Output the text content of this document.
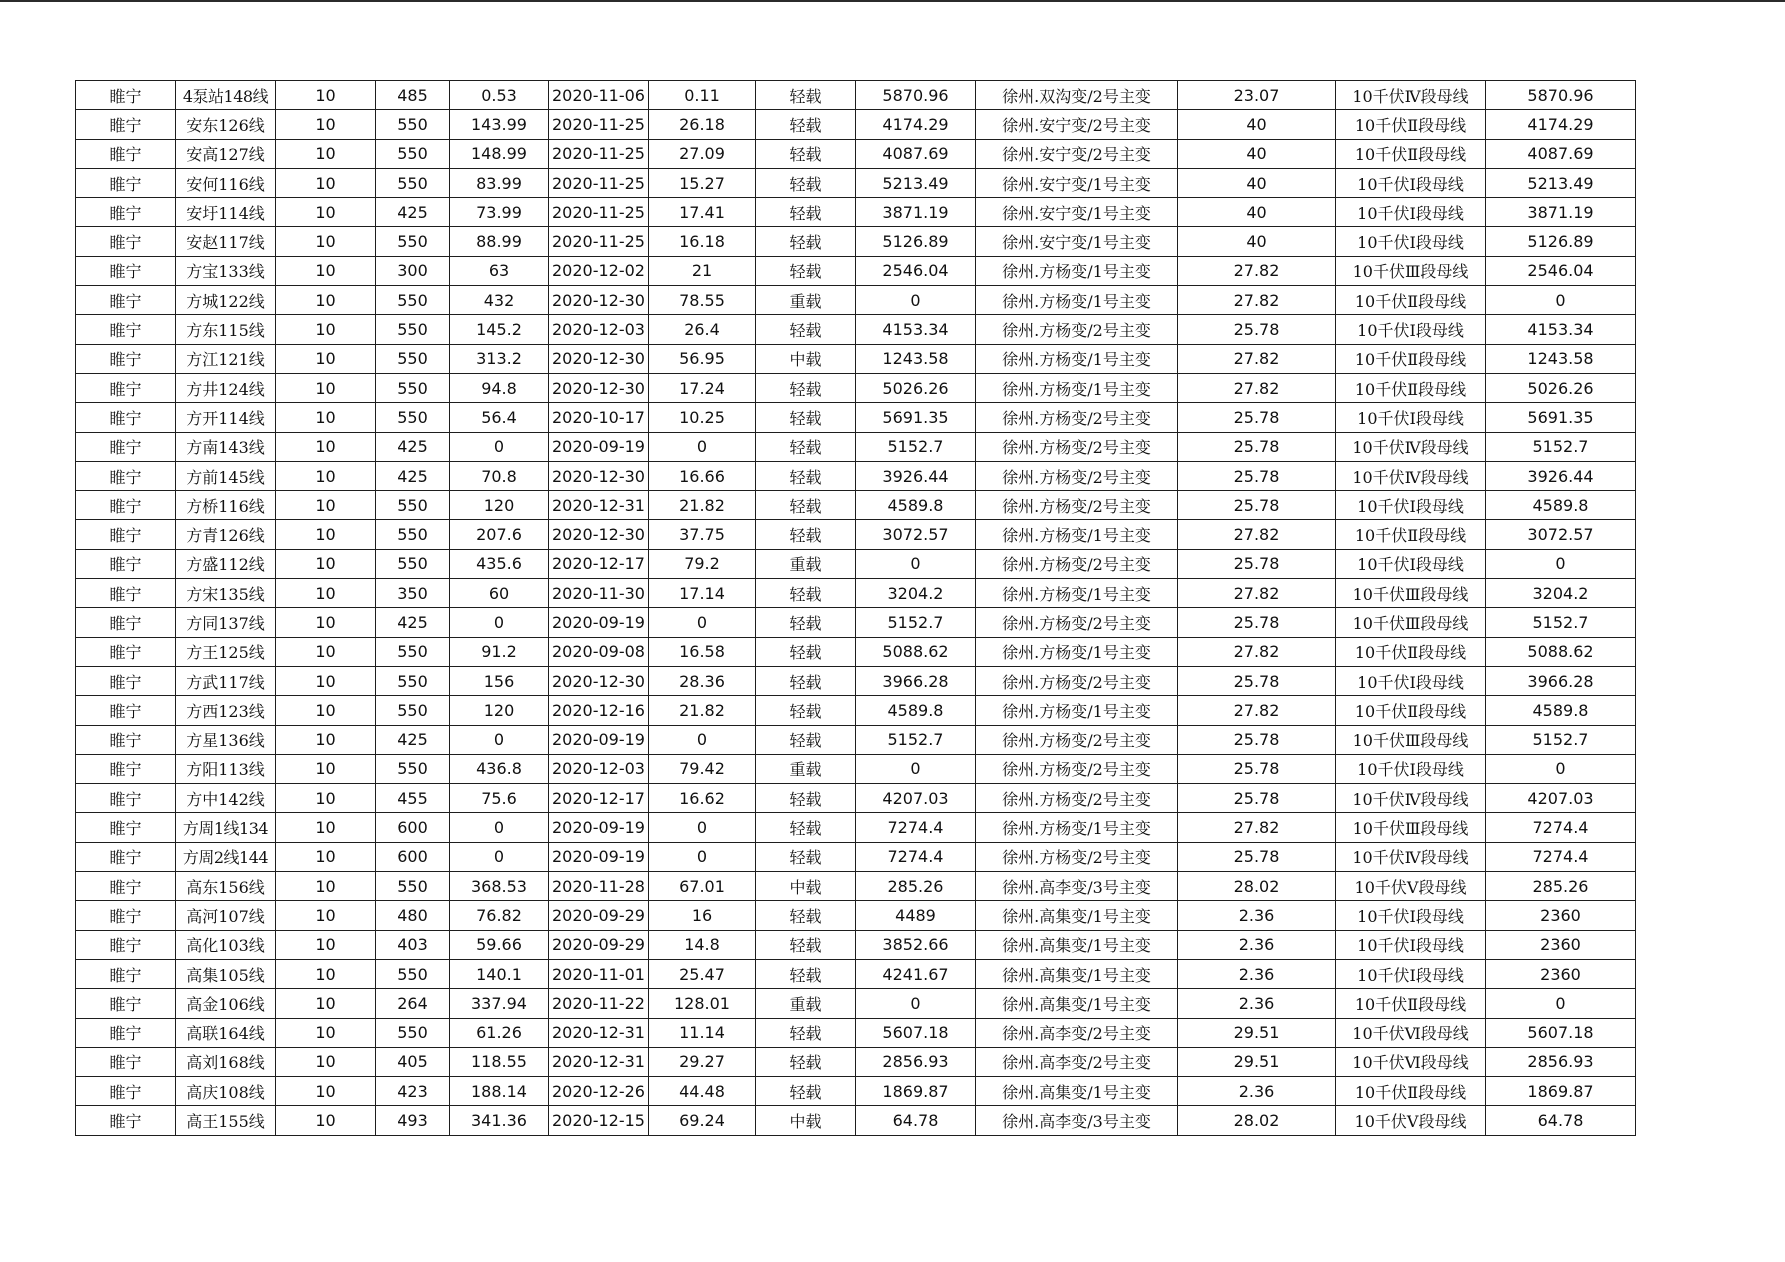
睢宁	4泵站148线	10	485	0.53	2020-11-06	0.11	轻载	5870.96	徐州.双沟变/2号主变	23.07	10千伏Ⅳ段母线	5870.96
睢宁	安东126线	10	550	143.99	2020-11-25	26.18	轻载	4174.29	徐州.安宁变/2号主变	40	10千伏Ⅱ段母线	4174.29
睢宁	安高127线	10	550	148.99	2020-11-25	27.09	轻载	4087.69	徐州.安宁变/2号主变	40	10千伏Ⅱ段母线	4087.69
睢宁	安何116线	10	550	83.99	2020-11-25	15.27	轻载	5213.49	徐州.安宁变/1号主变	40	10千伏Ⅰ段母线	5213.49
睢宁	安圩114线	10	425	73.99	2020-11-25	17.41	轻载	3871.19	徐州.安宁变/1号主变	40	10千伏Ⅰ段母线	3871.19
睢宁	安赵117线	10	550	88.99	2020-11-25	16.18	轻载	5126.89	徐州.安宁变/1号主变	40	10千伏Ⅰ段母线	5126.89
睢宁	方宝133线	10	300	63	2020-12-02	21	轻载	2546.04	徐州.方杨变/1号主变	27.82	10千伏Ⅲ段母线	2546.04
睢宁	方城122线	10	550	432	2020-12-30	78.55	重载	0	徐州.方杨变/1号主变	27.82	10千伏Ⅱ段母线	0
睢宁	方东115线	10	550	145.2	2020-12-03	26.4	轻载	4153.34	徐州.方杨变/2号主变	25.78	10千伏Ⅰ段母线	4153.34
睢宁	方江121线	10	550	313.2	2020-12-30	56.95	中载	1243.58	徐州.方杨变/1号主变	27.82	10千伏Ⅱ段母线	1243.58
睢宁	方井124线	10	550	94.8	2020-12-30	17.24	轻载	5026.26	徐州.方杨变/1号主变	27.82	10千伏Ⅱ段母线	5026.26
睢宁	方开114线	10	550	56.4	2020-10-17	10.25	轻载	5691.35	徐州.方杨变/2号主变	25.78	10千伏Ⅰ段母线	5691.35
睢宁	方南143线	10	425	0	2020-09-19	0	轻载	5152.7	徐州.方杨变/2号主变	25.78	10千伏Ⅳ段母线	5152.7
睢宁	方前145线	10	425	70.8	2020-12-30	16.66	轻载	3926.44	徐州.方杨变/2号主变	25.78	10千伏Ⅳ段母线	3926.44
睢宁	方桥116线	10	550	120	2020-12-31	21.82	轻载	4589.8	徐州.方杨变/2号主变	25.78	10千伏Ⅰ段母线	4589.8
睢宁	方青126线	10	550	207.6	2020-12-30	37.75	轻载	3072.57	徐州.方杨变/1号主变	27.82	10千伏Ⅱ段母线	3072.57
睢宁	方盛112线	10	550	435.6	2020-12-17	79.2	重载	0	徐州.方杨变/2号主变	25.78	10千伏Ⅰ段母线	0
睢宁	方宋135线	10	350	60	2020-11-30	17.14	轻载	3204.2	徐州.方杨变/1号主变	27.82	10千伏Ⅲ段母线	3204.2
睢宁	方同137线	10	425	0	2020-09-19	0	轻载	5152.7	徐州.方杨变/2号主变	25.78	10千伏Ⅲ段母线	5152.7
睢宁	方王125线	10	550	91.2	2020-09-08	16.58	轻载	5088.62	徐州.方杨变/1号主变	27.82	10千伏Ⅱ段母线	5088.62
睢宁	方武117线	10	550	156	2020-12-30	28.36	轻载	3966.28	徐州.方杨变/2号主变	25.78	10千伏Ⅰ段母线	3966.28
睢宁	方西123线	10	550	120	2020-12-16	21.82	轻载	4589.8	徐州.方杨变/1号主变	27.82	10千伏Ⅱ段母线	4589.8
睢宁	方星136线	10	425	0	2020-09-19	0	轻载	5152.7	徐州.方杨变/2号主变	25.78	10千伏Ⅲ段母线	5152.7
睢宁	方阳113线	10	550	436.8	2020-12-03	79.42	重载	0	徐州.方杨变/2号主变	25.78	10千伏Ⅰ段母线	0
睢宁	方中142线	10	455	75.6	2020-12-17	16.62	轻载	4207.03	徐州.方杨变/2号主变	25.78	10千伏Ⅳ段母线	4207.03
睢宁	方周1线134	10	600	0	2020-09-19	0	轻载	7274.4	徐州.方杨变/1号主变	27.82	10千伏Ⅲ段母线	7274.4
睢宁	方周2线144	10	600	0	2020-09-19	0	轻载	7274.4	徐州.方杨变/2号主变	25.78	10千伏Ⅳ段母线	7274.4
睢宁	高东156线	10	550	368.53	2020-11-28	67.01	中载	285.26	徐州.高李变/3号主变	28.02	10千伏Ⅴ段母线	285.26
睢宁	高河107线	10	480	76.82	2020-09-29	16	轻载	4489	徐州.高集变/1号主变	2.36	10千伏Ⅰ段母线	2360
睢宁	高化103线	10	403	59.66	2020-09-29	14.8	轻载	3852.66	徐州.高集变/1号主变	2.36	10千伏Ⅰ段母线	2360
睢宁	高集105线	10	550	140.1	2020-11-01	25.47	轻载	4241.67	徐州.高集变/1号主变	2.36	10千伏Ⅰ段母线	2360
睢宁	高金106线	10	264	337.94	2020-11-22	128.01	重载	0	徐州.高集变/1号主变	2.36	10千伏Ⅱ段母线	0
睢宁	高联164线	10	550	61.26	2020-12-31	11.14	轻载	5607.18	徐州.高李变/2号主变	29.51	10千伏Ⅵ段母线	5607.18
睢宁	高刘168线	10	405	118.55	2020-12-31	29.27	轻载	2856.93	徐州.高李变/2号主变	29.51	10千伏Ⅵ段母线	2856.93
睢宁	高庆108线	10	423	188.14	2020-12-26	44.48	轻载	1869.87	徐州.高集变/1号主变	2.36	10千伏Ⅱ段母线	1869.87
睢宁	高王155线	10	493	341.36	2020-12-15	69.24	中载	64.78	徐州.高李变/3号主变	28.02	10千伏Ⅴ段母线	64.78
